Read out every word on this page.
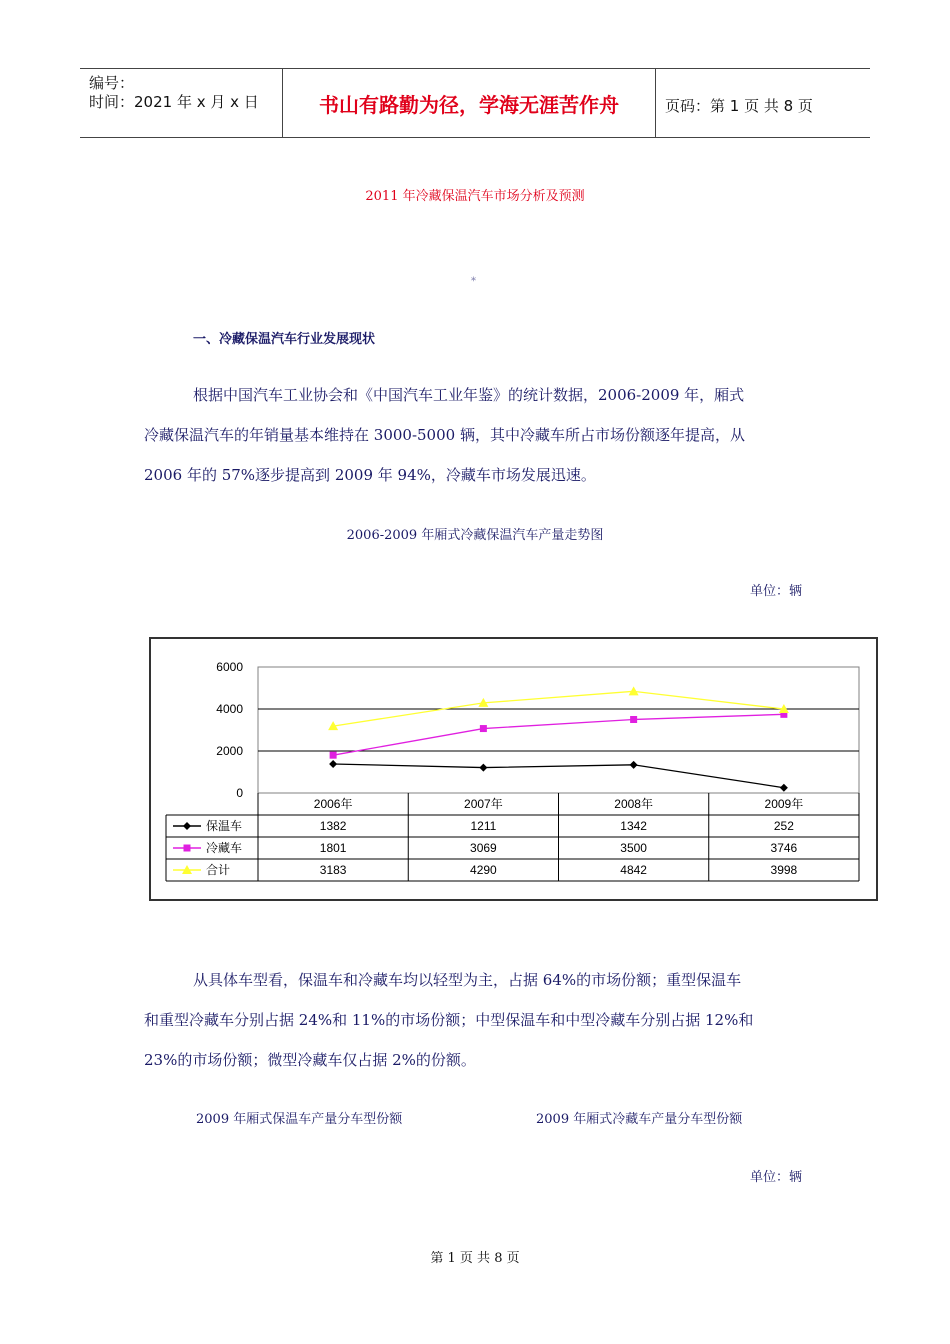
编号：
时间：2021 年 x 月 x 日	书山有路勤为径，学海无涯苦作舟	页码：第 1 页 共 8 页
2011 年冷藏保温汽车市场分析及预测
*
一、冷藏保温汽车行业发展现状
根据中国汽车工业协会和《中国汽车工业年鉴》的统计数据，2006-2009 年，厢式
冷藏保温汽车的年销量基本维持在 3000-5000 辆，其中冷藏车所占市场份额逐年提高，从
2006 年的 57%逐步提高到 2009 年 94%，冷藏车市场发展迅速。
2006-2009 年厢式冷藏保温汽车产量走势图
单位：辆
6000
4000
2000
0
2006年	2007年	2008年	2009年
保温车	1382	1211	1342	252
冷藏车	1801	3069	3500	3746
合计	3183	4290	4842	3998
从具体车型看，保温车和冷藏车均以轻型为主，占据 64%的市场份额；重型保温车
和重型冷藏车分别占据 24%和 11%的市场份额；中型保温车和中型冷藏车分别占据 12%和
23%的市场份额；微型冷藏车仅占据 2%的份额。
2009 年厢式保温车产量分车型份额	2009 年厢式冷藏车产量分车型份额
单位：辆
第 1 页 共 8 页
